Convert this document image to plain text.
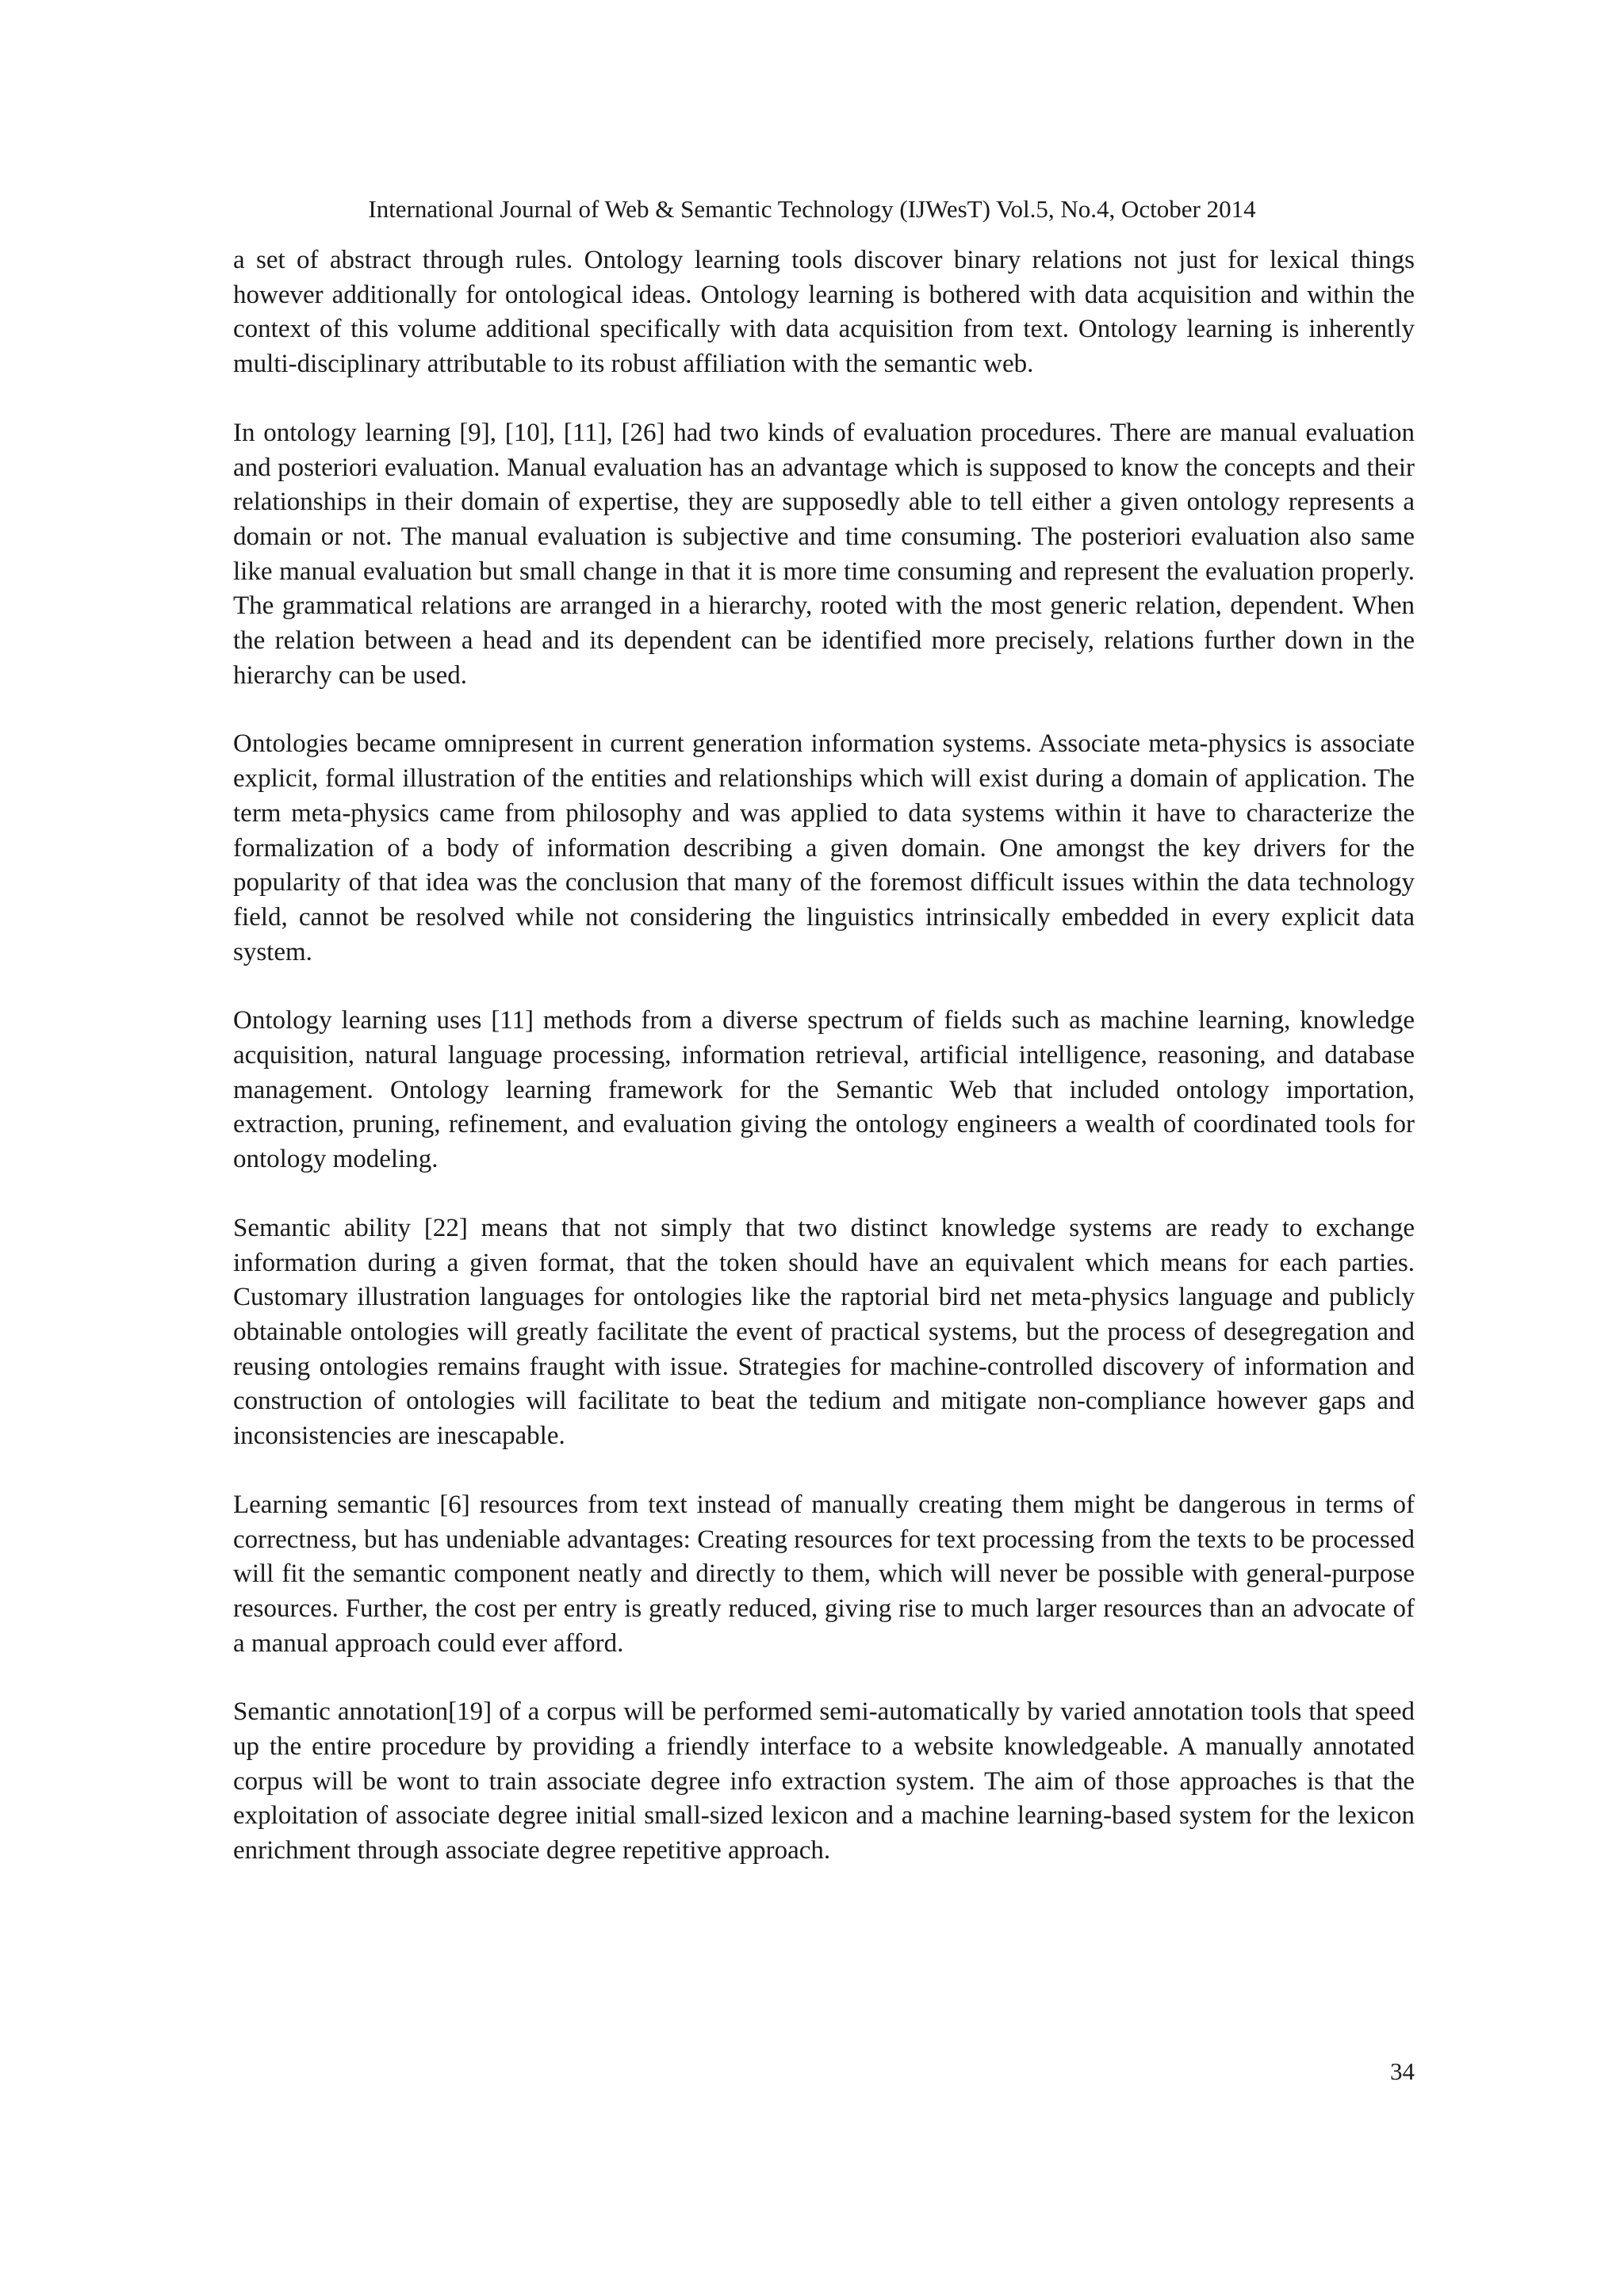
International Journal of Web & Semantic Technology (IJWesT) Vol.5, No.4, October 2014

a set of abstract through rules. Ontology learning tools discover binary relations not just for lexical things however additionally for ontological ideas. Ontology learning is bothered with data acquisition and within the context of this volume additional specifically with data acquisition from text. Ontology learning is inherently multi-disciplinary attributable to its robust affiliation with the semantic web.

In ontology learning [9], [10], [11], [26] had two kinds of evaluation procedures. There are manual evaluation and posteriori evaluation. Manual evaluation has an advantage which is supposed to know the concepts and their relationships in their domain of expertise, they are supposedly able to tell either a given ontology represents a domain or not. The manual evaluation is subjective and time consuming. The posteriori evaluation also same like manual evaluation but small change in that it is more time consuming and represent the evaluation properly. The grammatical relations are arranged in a hierarchy, rooted with the most generic relation, dependent. When the relation between a head and its dependent can be identified more precisely, relations further down in the hierarchy can be used.

Ontologies became omnipresent in current generation information systems. Associate meta-physics is associate explicit, formal illustration of the entities and relationships which will exist during a domain of application. The term meta-physics came from philosophy and was applied to data systems within it have to characterize the formalization of a body of information describing a given domain. One amongst the key drivers for the popularity of that idea was the conclusion that many of the foremost difficult issues within the data technology field, cannot be resolved while not considering the linguistics intrinsically embedded in every explicit data system.

Ontology learning uses [11] methods from a diverse spectrum of fields such as machine learning, knowledge acquisition, natural language processing, information retrieval, artificial intelligence, reasoning, and database management. Ontology learning framework for the Semantic Web that included ontology importation, extraction, pruning, refinement, and evaluation giving the ontology engineers a wealth of coordinated tools for ontology modeling.

Semantic ability [22] means that not simply that two distinct knowledge systems are ready to exchange information during a given format, that the token should have an equivalent which means for each parties. Customary illustration languages for ontologies like the raptorial bird net meta-physics language and publicly obtainable ontologies will greatly facilitate the event of practical systems, but the process of desegregation and reusing ontologies remains fraught with issue. Strategies for machine-controlled discovery of information and construction of ontologies will facilitate to beat the tedium and mitigate non-compliance however gaps and inconsistencies are inescapable.

Learning semantic [6] resources from text instead of manually creating them might be dangerous in terms of correctness, but has undeniable advantages: Creating resources for text processing from the texts to be processed will fit the semantic component neatly and directly to them, which will never be possible with general-purpose resources. Further, the cost per entry is greatly reduced, giving rise to much larger resources than an advocate of a manual approach could ever afford.

Semantic annotation[19] of a corpus will be performed semi-automatically by varied annotation tools that speed up the entire procedure by providing a friendly interface to a website knowledgeable. A manually annotated corpus will be wont to train associate degree info extraction system. The aim of those approaches is that the exploitation of associate degree initial small-sized lexicon and a machine learning-based system for the lexicon enrichment through associate degree repetitive approach.

34
